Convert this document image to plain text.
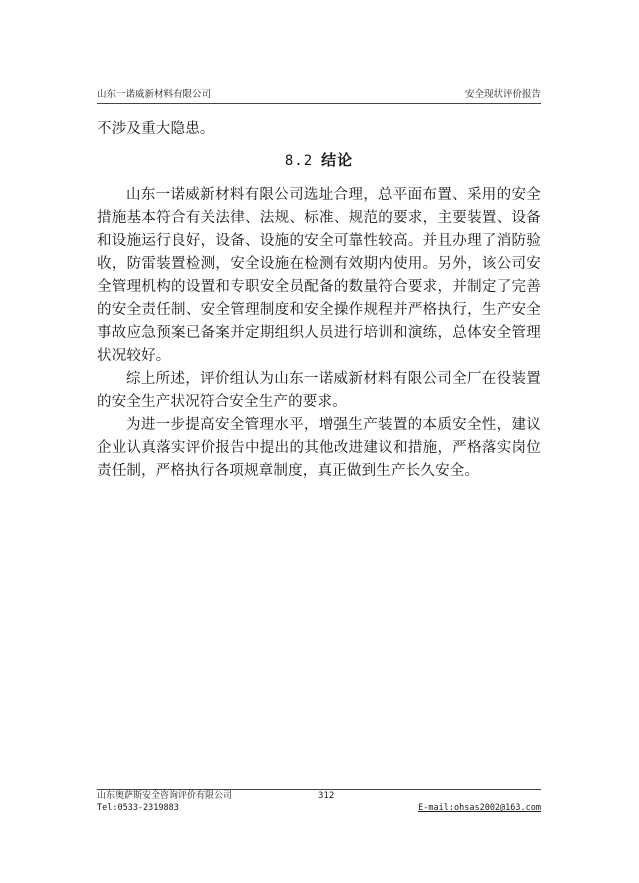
山东一诺威新材料有限公司	安全现状评价报告

不涉及重大隐患。

8.2 结论

山东一诺威新材料有限公司选址合理，总平面布置、采用的安全措施基本符合有关法律、法规、标准、规范的要求，主要装置、设备和设施运行良好，设备、设施的安全可靠性较高。并且办理了消防验收，防雷装置检测，安全设施在检测有效期内使用。另外，该公司安全管理机构的设置和专职安全员配备的数量符合要求，并制定了完善的安全责任制、安全管理制度和安全操作规程并严格执行，生产安全事故应急预案已备案并定期组织人员进行培训和演练，总体安全管理状况较好。

综上所述，评价组认为山东一诺威新材料有限公司全厂在役装置的安全生产状况符合安全生产的要求。

为进一步提高安全管理水平，增强生产装置的本质安全性，建议企业认真落实评价报告中提出的其他改进建议和措施，严格落实岗位责任制，严格执行各项规章制度，真正做到生产长久安全。

山东奥萨斯安全咨询评价有限公司	312
Tel:0533-2319883	E-mail:ohsas2002@163.com
